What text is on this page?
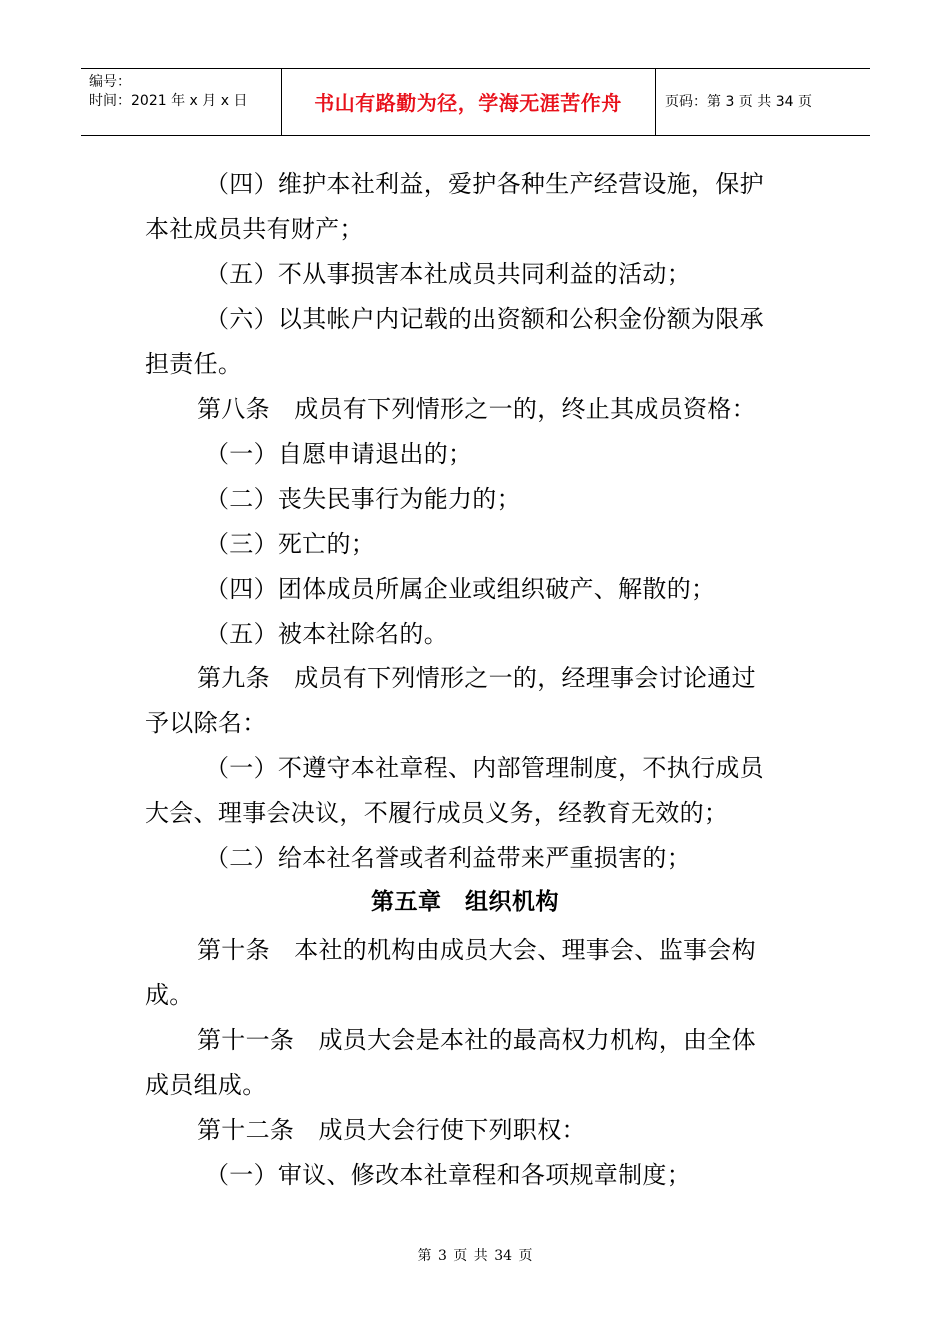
编号：
时间：2021 年 x 月 x 日	书山有路勤为径，学海无涯苦作舟	页码：第 3 页 共 34 页
（四）维护本社利益，爱护各种生产经营设施，保护
本社成员共有财产；
（五）不从事损害本社成员共同利益的活动；
（六）以其帐户内记载的出资额和公积金份额为限承
担责任。
第八条　成员有下列情形之一的，终止其成员资格：
（一）自愿申请退出的；
（二）丧失民事行为能力的；
（三）死亡的；
（四）团体成员所属企业或组织破产、解散的；
（五）被本社除名的。
第九条　成员有下列情形之一的，经理事会讨论通过
予以除名：
（一）不遵守本社章程、内部管理制度，不执行成员
大会、理事会决议，不履行成员义务，经教育无效的；
（二）给本社名誉或者利益带来严重损害的；
第五章　组织机构
第十条　本社的机构由成员大会、理事会、监事会构
成。
第十一条　成员大会是本社的最高权力机构，由全体
成员组成。
第十二条　成员大会行使下列职权：
（一）审议、修改本社章程和各项规章制度；
第 3 页 共 34 页
